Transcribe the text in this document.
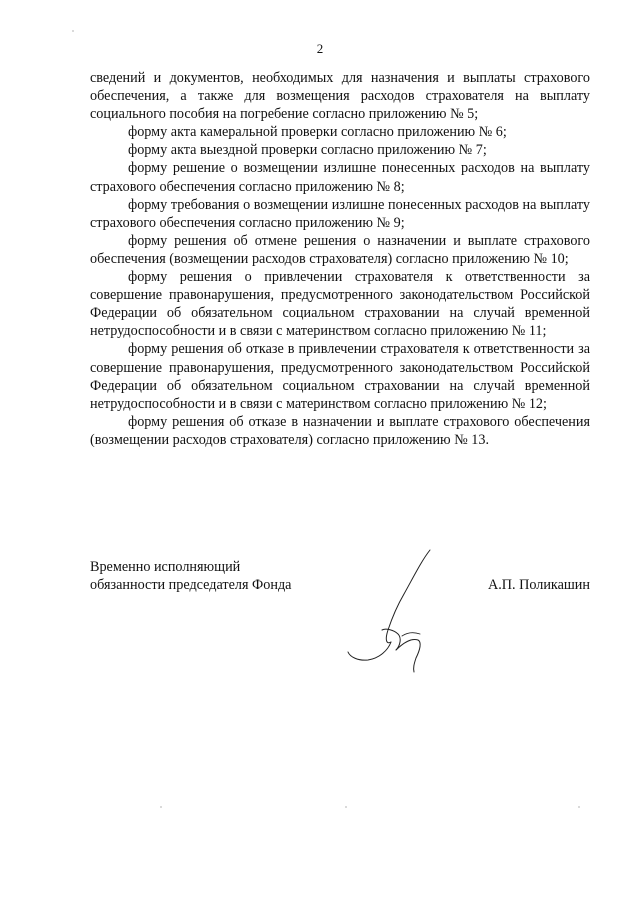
2

сведений и документов, необходимых для назначения и выплаты страхового обеспечения, а также для возмещения расходов страхователя на выплату социального пособия на погребение согласно приложению № 5;

форму акта камеральной проверки согласно приложению № 6;

форму акта выездной проверки согласно приложению № 7;

форму решение о возмещении излишне понесенных расходов на выплату страхового обеспечения согласно приложению № 8;

форму требования о возмещении излишне понесенных расходов на выплату страхового обеспечения согласно приложению № 9;

форму решения об отмене решения о назначении и выплате страхового обеспечения (возмещении расходов страхователя) согласно приложению № 10;

форму решения о привлечении страхователя к ответственности за совершение правонарушения, предусмотренного законодательством Российской Федерации об обязательном социальном страховании на случай временной нетрудоспособности и в связи с материнством согласно приложению № 11;

форму решения об отказе в привлечении страхователя к ответственности за совершение правонарушения, предусмотренного законодательством Российской Федерации об обязательном социальном страховании на случай временной нетрудоспособности и в связи с материнством согласно приложению № 12;

форму решения об отказе в назначении и выплате страхового обеспечения (возмещении расходов страхователя) согласно приложению № 13.

Временно исполняющий
обязанности председателя Фонда	А.П. Поликашин
